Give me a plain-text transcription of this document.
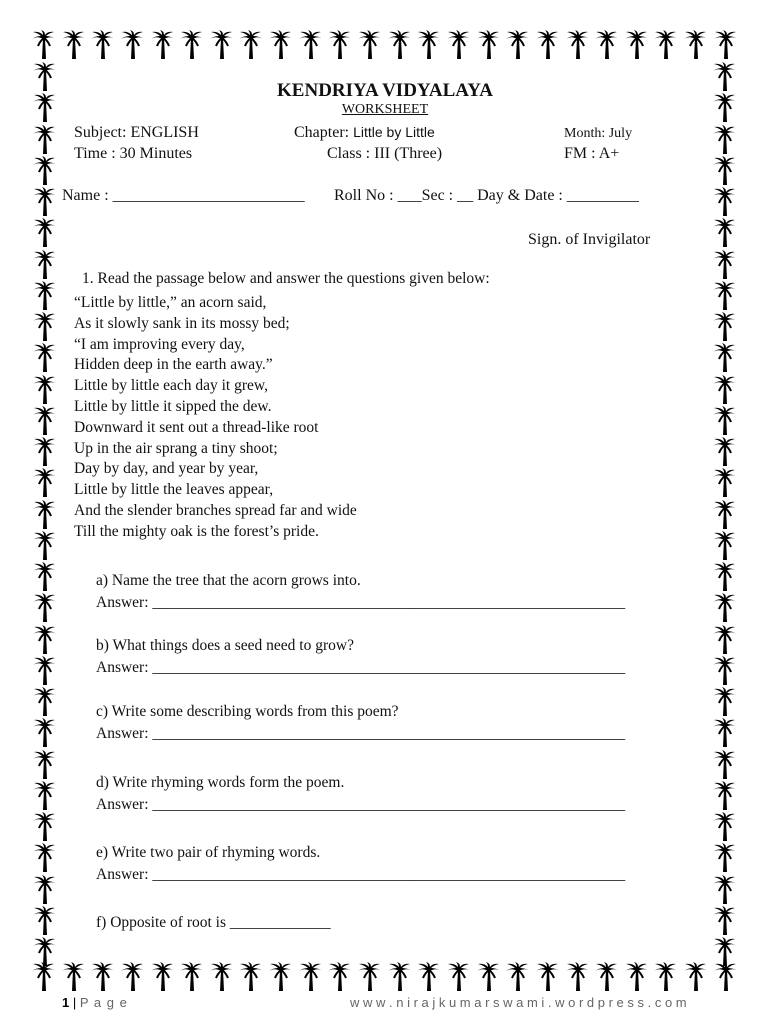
KENDRIYA VIDYALAYA
WORKSHEET
Subject: ENGLISH
Time : 30 Minutes
Chapter: Little by Little
Class : III (Three)
Month: July
FM : A+
Name : ________________________ Roll No : ___Sec : __ Day & Date : _________
Sign. of Invigilator
1. Read the passage below and answer the questions given below:
“Little by little,” an acorn said,
As it slowly sank in its mossy bed;
“I am improving every day,
Hidden deep in the earth away.”
Little by little each day it grew,
Little by little it sipped the dew.
Downward it sent out a thread-like root
Up in the air sprang a tiny shoot;
Day by day, and year by year,
Little by little the leaves appear,
And the slender branches spread far and wide
Till the mighty oak is the forest’s pride.
a) Name the tree that the acorn grows into.
Answer: _____________________________________________________________
b) What things does a seed need to grow?
Answer: _____________________________________________________________
c) Write some describing words from this poem?
Answer: _____________________________________________________________
d) Write rhyming words form the poem.
Answer: _____________________________________________________________
e) Write two pair of rhyming words.
Answer: _____________________________________________________________
f) Opposite of root is _____________
1 | P a g e	w w w . n i r a j k u m a r s w a m i . w o r d p r e s s . c o m
